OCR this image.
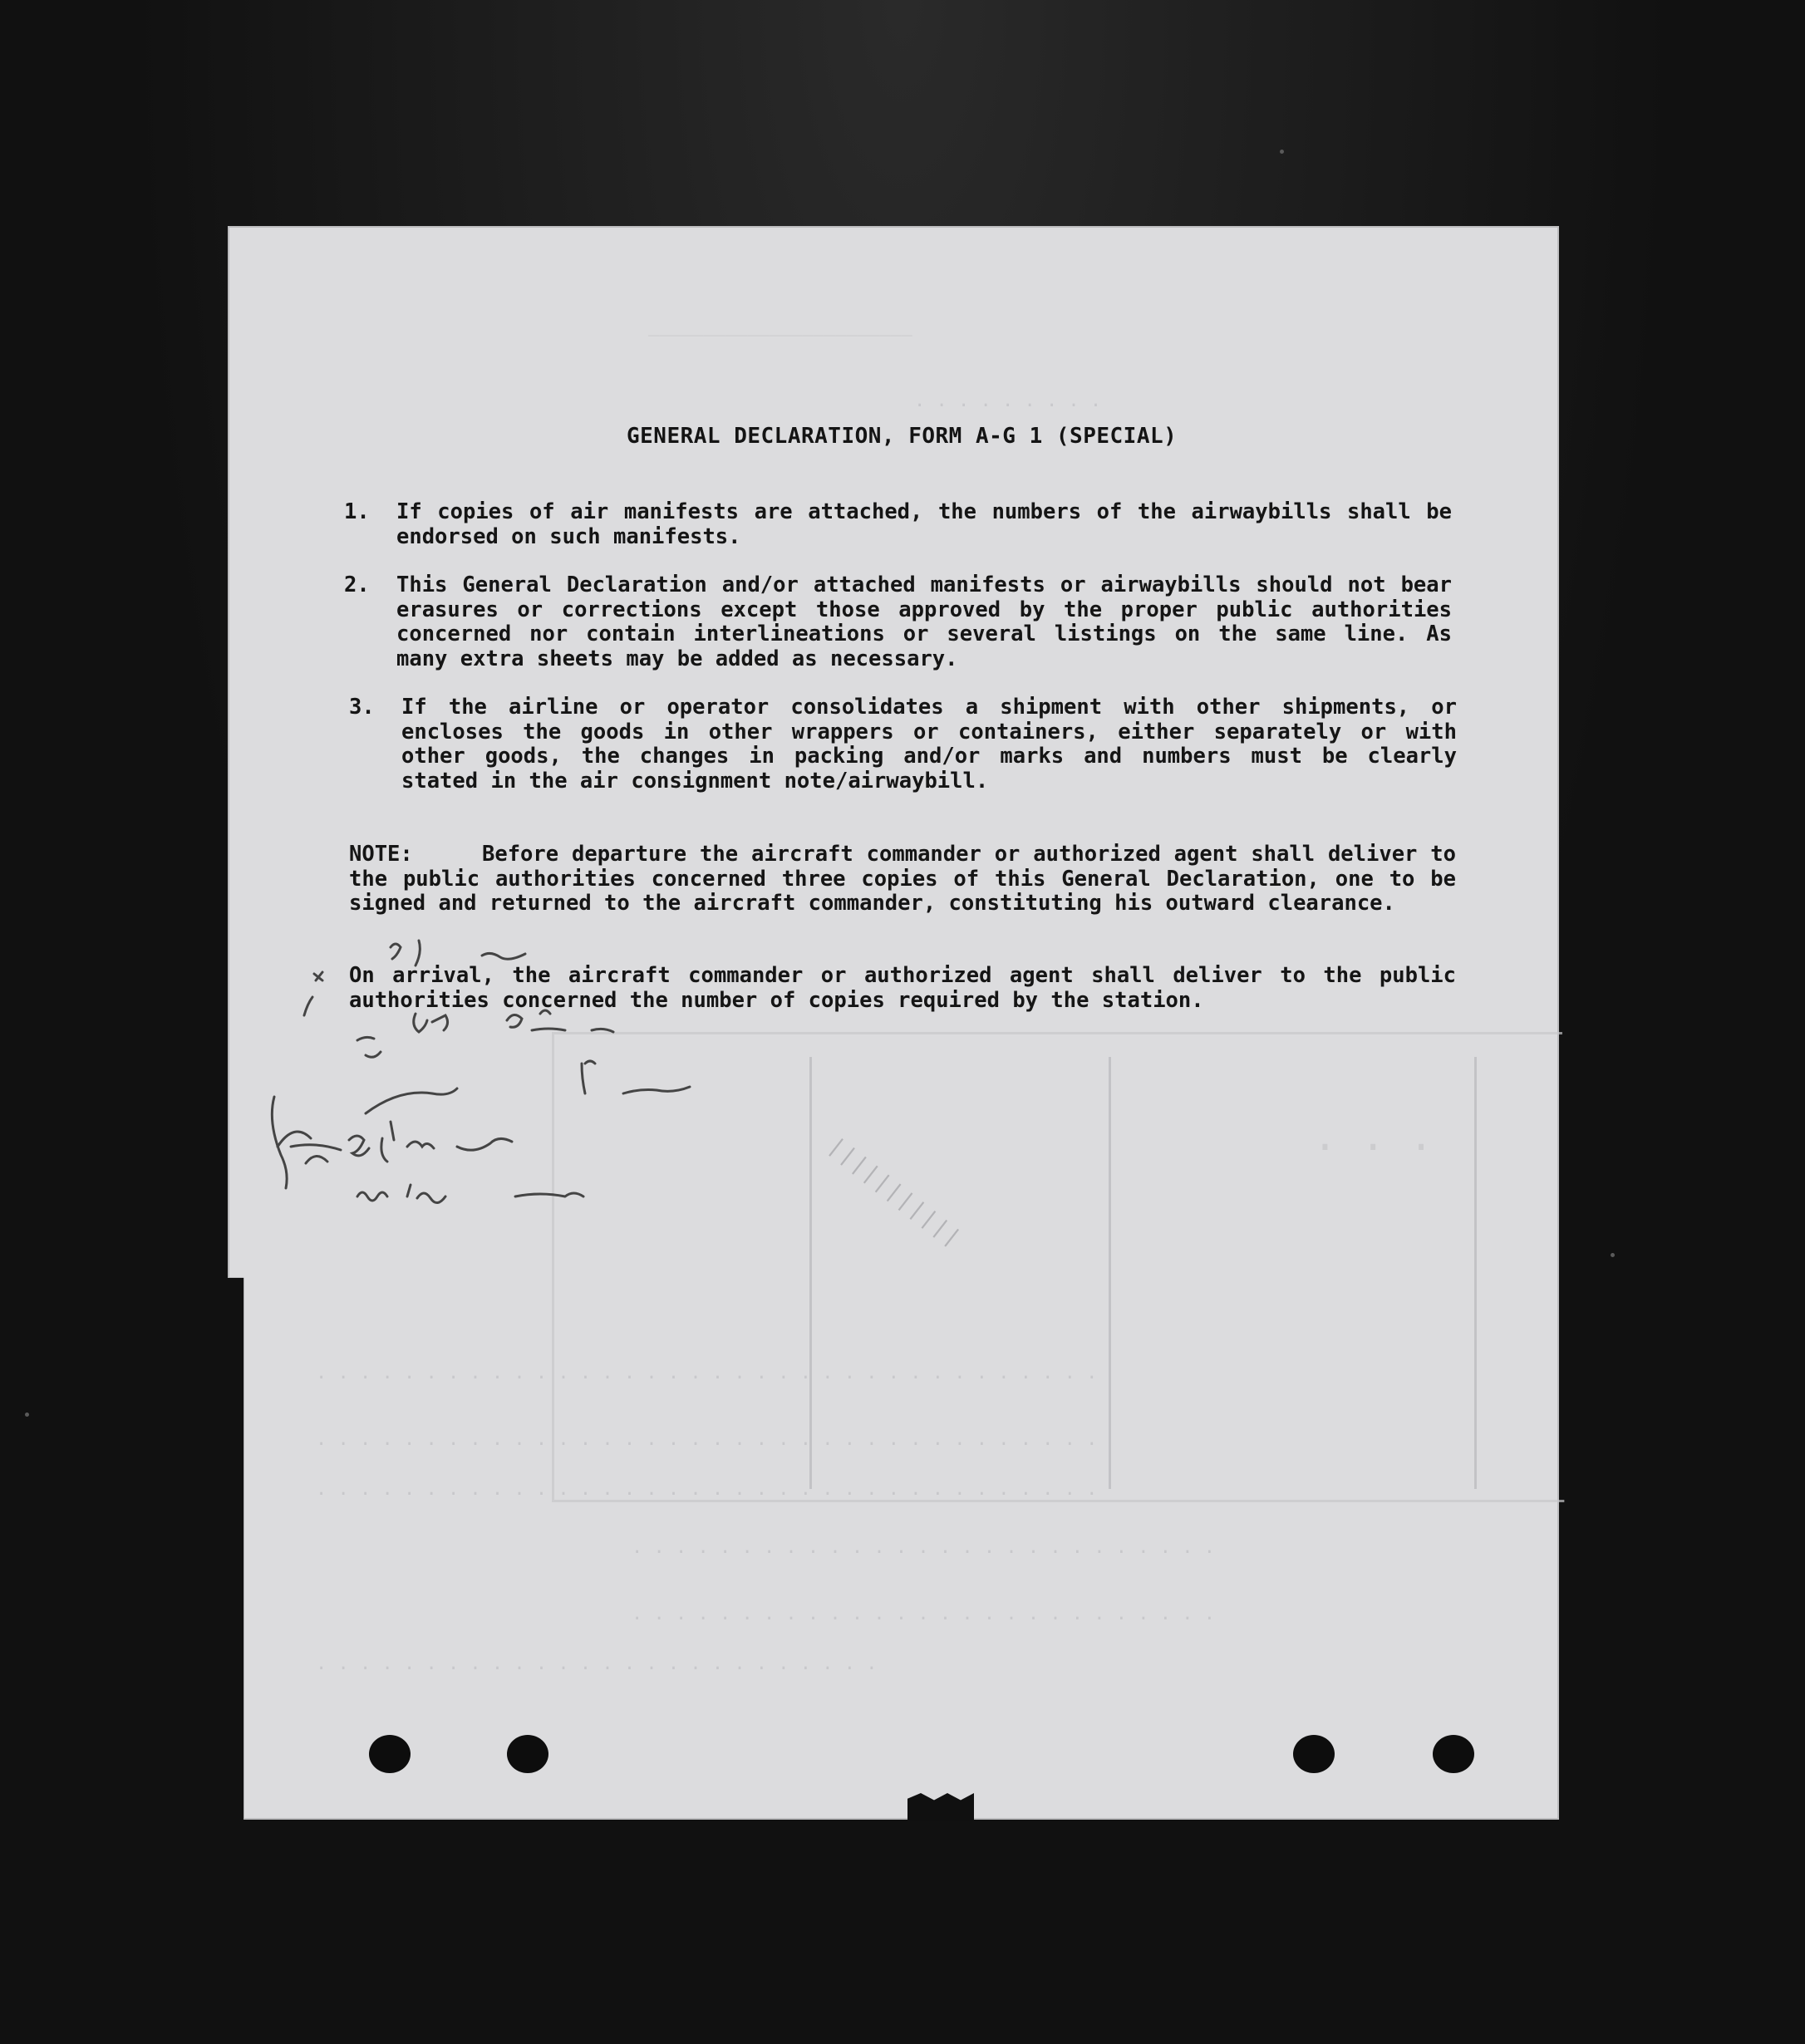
________________________
. . . . . . . . .
. . . . . . . . . . . . . . . . . . . . . . . . . .
. . . . . . . . . . . . . . . . . . . . . . . . . . . . . . . . . . . .
. . . . . . . . . . . . . . . . . . . . . . . . . . . . . . . . . . . .
. . . . . . . . . . . . . . . . . . . . . . . . . . . . . . . . . . . .
. . . . . . . . . . . . . . . . . . . . . . . . . . .
. . . . . . . . . . . . . . . . . . . . . . . . . . .
. . .
|||||||||||
GENERAL DECLARATION, FORM A-G 1 (SPECIAL)
1. If copies of air manifests are attached, the numbers of the airwaybills shall be endorsed on such manifests.
2. This General Declaration and/or attached manifests or airwaybills should not bear erasures or corrections except those approved by the proper public authorities concerned nor contain interlineations or several listings on the same line. As many extra sheets may be added as necessary.
3. If the airline or operator consolidates a shipment with other shipments, or encloses the goods in other wrappers or containers, either separately or with other goods, the changes in packing and/or marks and numbers must be clearly stated in the air consignment note/airwaybill.
NOTE:	Before departure the aircraft commander or authorized agent shall deliver to the public authorities concerned three copies of this General Declaration, one to be signed and returned to the aircraft commander, constituting his outward clearance.
On arrival, the aircraft commander or authorized agent shall deliver to the public authorities concerned the number of copies required by the station.
